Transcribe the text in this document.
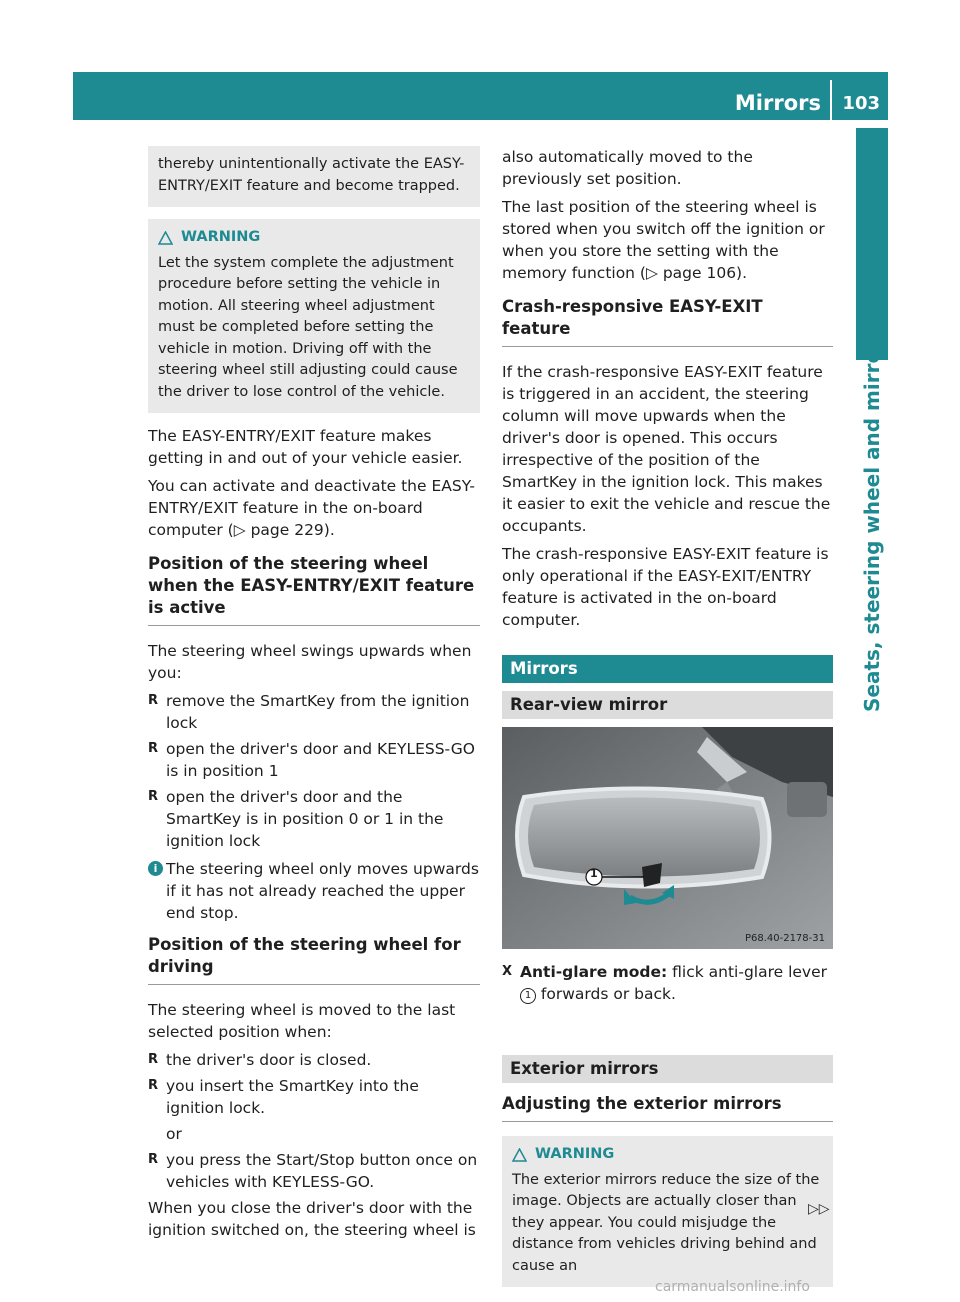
Mirrors 103
Seats, steering wheel and mirrors
thereby unintentionally activate the EASY-ENTRY/EXIT feature and become trapped.
WARNING
Let the system complete the adjustment procedure before setting the vehicle in motion. All steering wheel adjustment must be completed before setting the vehicle in motion. Driving off with the steering wheel still adjusting could cause the driver to lose control of the vehicle.

The EASY-ENTRY/EXIT feature makes getting in and out of your vehicle easier.

You can activate and deactivate the EASY-ENTRY/EXIT feature in the on-board computer (▷ page 229).

Position of the steering wheel when the EASY-ENTRY/EXIT feature is active

The steering wheel swings upwards when you:

R remove the SmartKey from the ignition lock
R open the driver's door and KEYLESS-GO is in position 1
R open the driver's door and the SmartKey is in position 0 or 1 in the ignition lock
i The steering wheel only moves upwards if it has not already reached the upper end stop.
Position of the steering wheel for driving

The steering wheel is moved to the last selected position when:

R the driver's door is closed.
R you insert the SmartKey into the ignition lock.
or
R you press the Start/Stop button once on vehicles with KEYLESS-GO.

When you close the driver's door with the ignition switched on, the steering wheel is

also automatically moved to the previously set position.

The last position of the steering wheel is stored when you switch off the ignition or when you store the setting with the memory function (▷ page 106).

Crash-responsive EASY-EXIT feature

If the crash-responsive EASY-EXIT feature is triggered in an accident, the steering column will move upwards when the driver's door is opened. This occurs irrespective of the position of the SmartKey in the ignition lock. This makes it easier to exit the vehicle and rescue the occupants.

The crash-responsive EASY-EXIT feature is only operational if the EASY-EXIT/ENTRY feature is activated in the on-board computer.

Mirrors
Rear-view mirror
1
P68.40-2178-31
X Anti-glare mode: flick anti-glare lever 1 forwards or back.
Exterior mirrors
Adjusting the exterior mirrors
WARNING
The exterior mirrors reduce the size of the image. Objects are actually closer than they appear. You could misjudge the distance from vehicles driving behind and cause an
▷▷
carmanualsonline.info
